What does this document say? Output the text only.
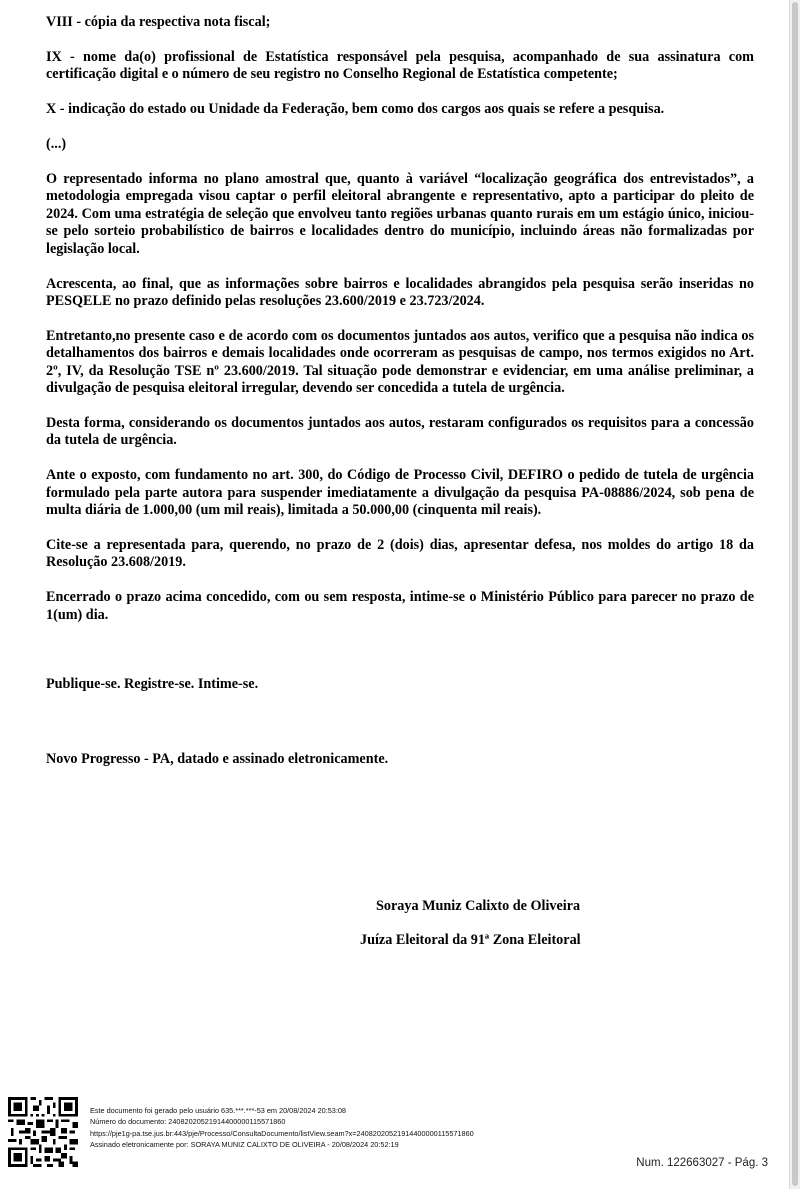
VIII - cópia da respectiva nota fiscal;

IX - nome da(o) profissional de Estatística responsável pela pesquisa, acompanhado de sua assinatura com certificação digital e o número de seu registro no Conselho Regional de Estatística competente;

X - indicação do estado ou Unidade da Federação, bem como dos cargos aos quais se refere a pesquisa.

(...)

O representado informa no plano amostral que, quanto à variável “localização geográfica dos entrevistados”, a metodologia empregada visou captar o perfil eleitoral abrangente e representativo, apto a participar do pleito de 2024. Com uma estratégia de seleção que envolveu tanto regiões urbanas quanto rurais em um estágio único, iniciou-se pelo sorteio probabilístico de bairros e localidades dentro do município, incluindo áreas não formalizadas por legislação local.

Acrescenta, ao final, que as informações sobre bairros e localidades abrangidos pela pesquisa serão inseridas no PESQELE no prazo definido pelas resoluções 23.600/2019 e 23.723/2024.

Entretanto,no presente caso e de acordo com os documentos juntados aos autos, verifico que a pesquisa não indica os detalhamentos dos bairros e demais localidades onde ocorreram as pesquisas de campo, nos termos exigidos no Art. 2º, IV, da Resolução TSE nº 23.600/2019. Tal situação pode demonstrar e evidenciar, em uma análise preliminar, a divulgação de pesquisa eleitoral irregular, devendo ser concedida a tutela de urgência.

Desta forma, considerando os documentos juntados aos autos, restaram configurados os requisitos para a concessão da tutela de urgência.

Ante o exposto, com fundamento no art. 300, do Código de Processo Civil, DEFIRO o pedido de tutela de urgência formulado pela parte autora para suspender imediatamente a divulgação da pesquisa PA-08886/2024, sob pena de multa diária de 1.000,00 (um mil reais), limitada a 50.000,00 (cinquenta mil reais).

Cite-se a representada para, querendo, no prazo de 2 (dois) dias, apresentar defesa, nos moldes do artigo 18 da Resolução 23.608/2019.

Encerrado o prazo acima concedido, com ou sem resposta, intime-se o Ministério Público para parecer no prazo de 1(um) dia.

Publique-se. Registre-se. Intime-se.

Novo Progresso - PA, datado e assinado eletronicamente.

Soraya Muniz Calixto de Oliveira
Juíza Eleitoral da 91ª Zona Eleitoral
Este documento foi gerado pelo usuário 635.***.***-53 em 20/08/2024 20:53:08
Número do documento: 24082020521914400000115571860
https://pje1g-pa.tse.jus.br:443/pje/Processo/ConsultaDocumento/listView.seam?x=24082020521914400000115571860
Assinado eletronicamente por: SORAYA MUNIZ CALIXTO DE OLIVEIRA - 20/08/2024 20:52:19
Num. 122663027 - Pág. 3
